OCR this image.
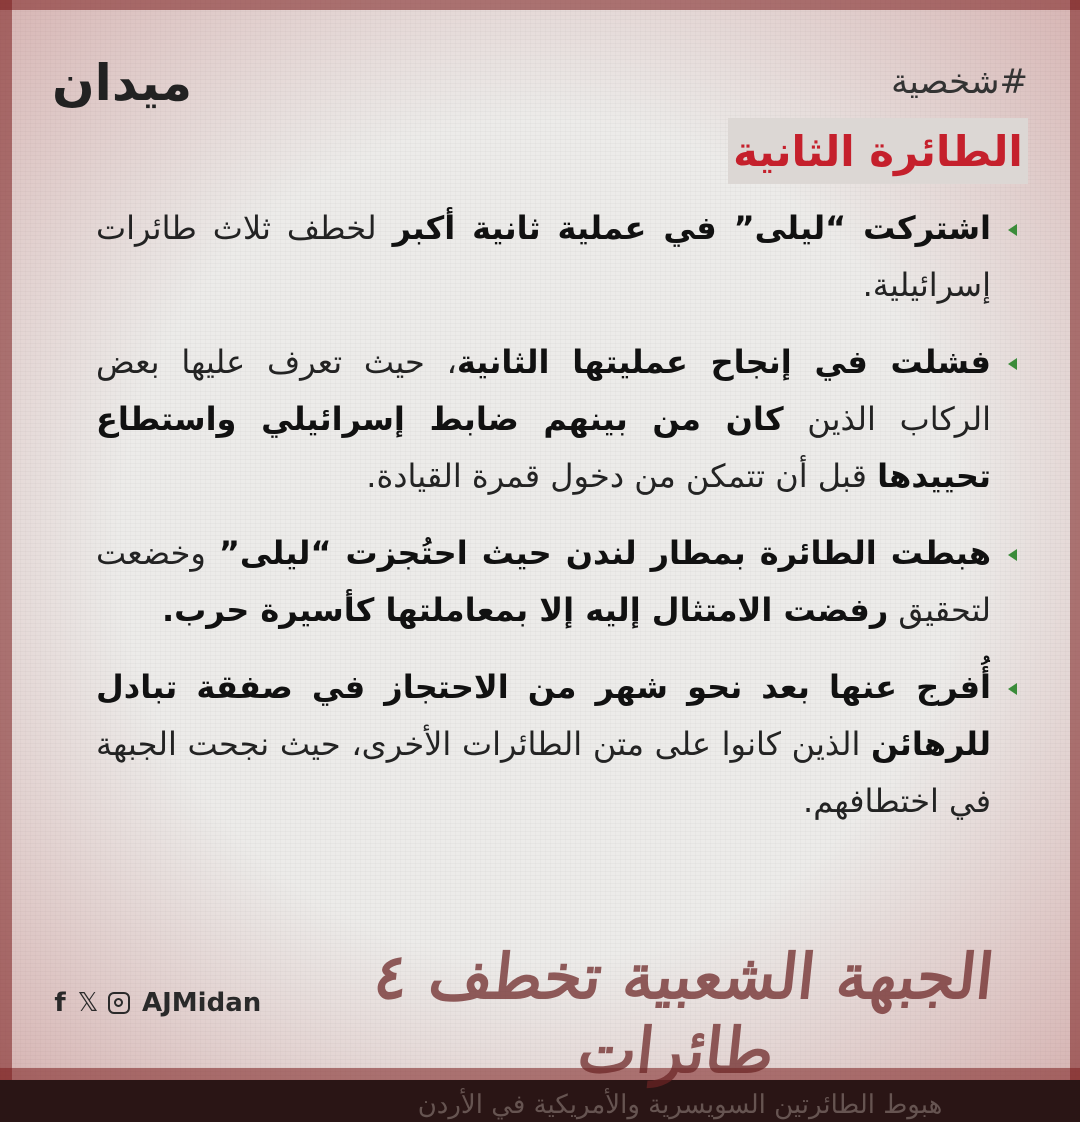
ميدان	#شخصية
الطائرة الثانية
اشتركت “ليلى” في عملية ثانية أكبر لخطف ثلاث طائرات إسرائيلية.
فشلت في إنجاح عمليتها الثانية، حيث تعرف عليها بعض الركاب الذين كان من بينهم ضابط إسرائيلي واستطاع تحييدها قبل أن تتمكن من دخول قمرة القيادة.
هبطت الطائرة بمطار لندن حيث احتُجزت “ليلى” وخضعت لتحقيق رفضت الامتثال إليه إلا بمعاملتها كأسيرة حرب.
أُفرج عنها بعد نحو شهر من الاحتجاز في صفقة تبادل للرهائن الذين كانوا على متن الطائرات الأخرى، حيث نجحت الجبهة في اختطافهم.
الجبهة الشعبية تخطف ٤ طائرات
هبوط الطائرتين السويسرية والأمريكية في الأردن
f 𝕏 AJMidan
